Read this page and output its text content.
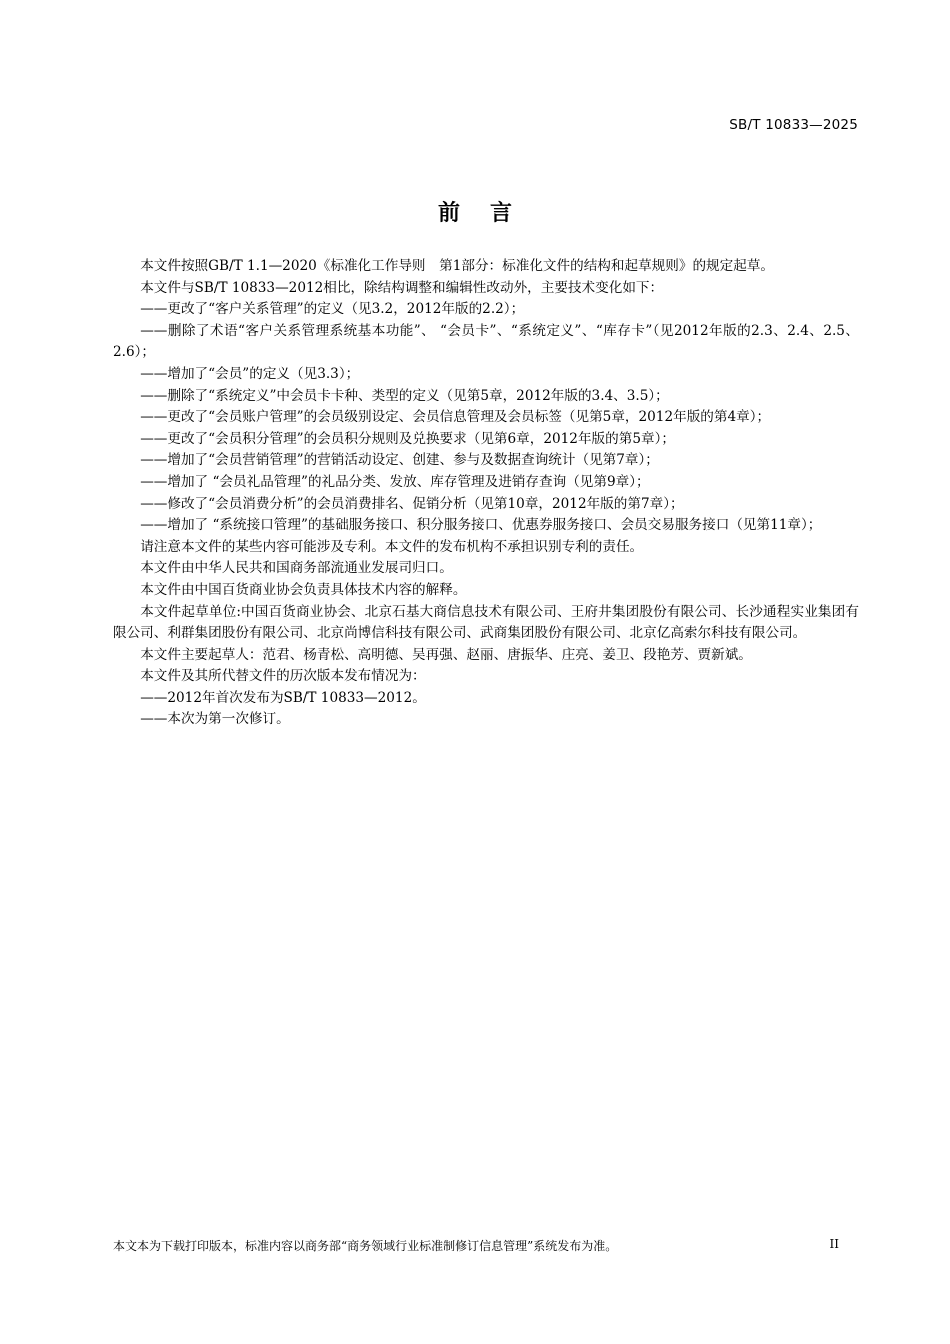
SB/T 10833—2025
前言

本文件按照GB/T 1.1—2020《标准化工作导则　第1部分：标准化文件的结构和起草规则》的规定起草。

本文件与SB/T 10833—2012相比，除结构调整和编辑性改动外，主要技术变化如下：

——更改了“客户关系管理”的定义（见3.2，2012年版的2.2）；

——删除了术语“客户关系管理系统基本功能”、 “会员卡”、“系统定义”、“库存卡”（见2012年版的2.3、2.4、2.5、2.6）；

——增加了“会员”的定义（见3.3）；

——删除了“系统定义”中会员卡卡种、类型的定义（见第5章，2012年版的3.4、3.5）；

——更改了“会员账户管理”的会员级别设定、会员信息管理及会员标签（见第5章，2012年版的第4章）；

——更改了“会员积分管理”的会员积分规则及兑换要求（见第6章，2012年版的第5章）；

——增加了“会员营销管理”的营销活动设定、创建、参与及数据查询统计（见第7章）；

——增加了 “会员礼品管理”的礼品分类、发放、库存管理及进销存查询（见第9章）；

——修改了“会员消费分析”的会员消费排名、促销分析（见第10章，2012年版的第7章）；

——增加了 “系统接口管理”的基础服务接口、积分服务接口、优惠券服务接口、会员交易服务接口（见第11章）；

请注意本文件的某些内容可能涉及专利。本文件的发布机构不承担识别专利的责任。

本文件由中华人民共和国商务部流通业发展司归口。

本文件由中国百货商业协会负责具体技术内容的解释。

本文件起草单位:中国百货商业协会、北京石基大商信息技术有限公司、王府井集团股份有限公司、长沙通程实业集团有限公司、利群集团股份有限公司、北京尚博信科技有限公司、武商集团股份有限公司、北京亿高索尔科技有限公司。

本文件主要起草人：范君、杨青松、高明德、吴再强、赵丽、唐振华、庄亮、姜卫、段艳芳、贾新斌。

本文件及其所代替文件的历次版本发布情况为：

——2012年首次发布为SB/T 10833—2012。

——本次为第一次修订。

本文本为下载打印版本，标准内容以商务部“商务领域行业标准制修订信息管理”系统发布为准。	II
